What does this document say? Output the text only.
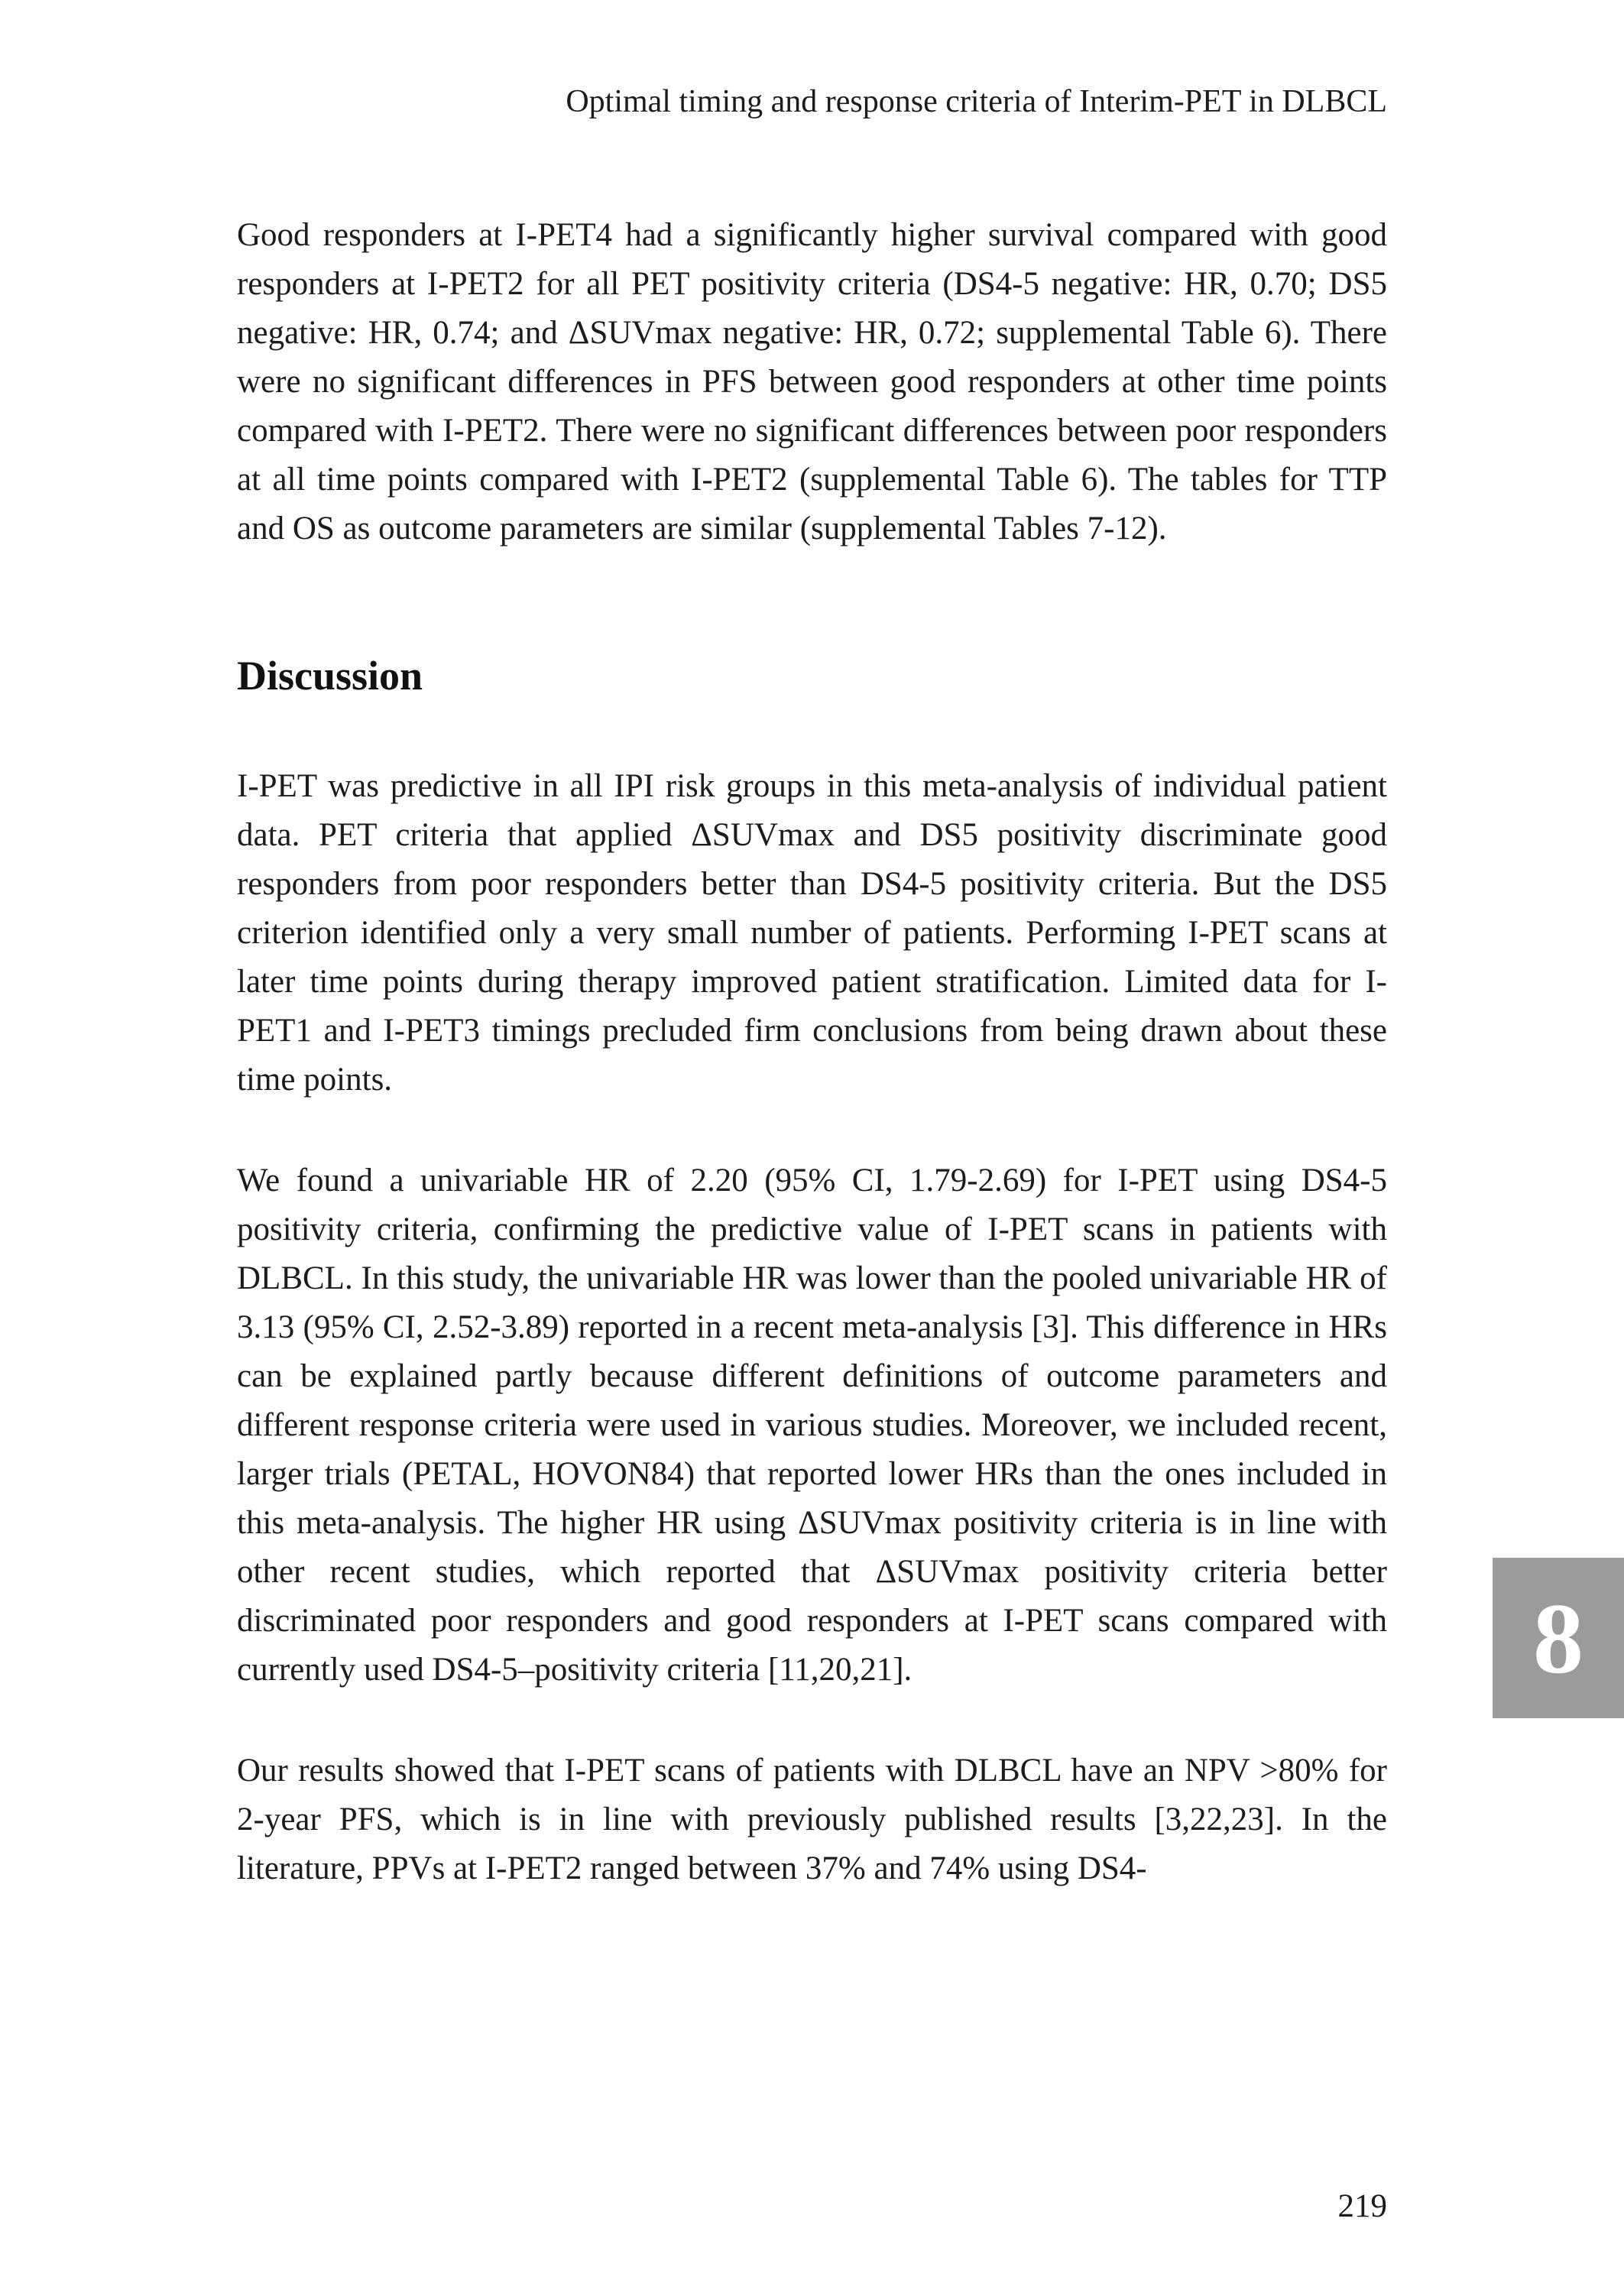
Optimal timing and response criteria of Interim-PET in DLBCL

Good responders at I-PET4 had a significantly higher survival compared with good responders at I-PET2 for all PET positivity criteria (DS4-5 negative: HR, 0.70; DS5 negative: HR, 0.74; and ΔSUVmax negative: HR, 0.72; supplemental Table 6). There were no significant differences in PFS between good responders at other time points compared with I-PET2. There were no significant differences between poor responders at all time points compared with I-PET2 (supplemental Table 6). The tables for TTP and OS as outcome parameters are similar (supplemental Tables 7-12).

Discussion

I-PET was predictive in all IPI risk groups in this meta-analysis of individual patient data. PET criteria that applied ΔSUVmax and DS5 positivity discriminate good responders from poor responders better than DS4-5 positivity criteria. But the DS5 criterion identified only a very small number of patients. Performing I-PET scans at later time points during therapy improved patient stratification. Limited data for I-PET1 and I-PET3 timings precluded firm conclusions from being drawn about these time points.

We found a univariable HR of 2.20 (95% CI, 1.79-2.69) for I-PET using DS4-5 positivity criteria, confirming the predictive value of I-PET scans in patients with DLBCL. In this study, the univariable HR was lower than the pooled univariable HR of 3.13 (95% CI, 2.52-3.89) reported in a recent meta-analysis [3]. This difference in HRs can be explained partly because different definitions of outcome parameters and different response criteria were used in various studies. Moreover, we included recent, larger trials (PETAL, HOVON84) that reported lower HRs than the ones included in this meta-analysis. The higher HR using ΔSUVmax positivity criteria is in line with other recent studies, which reported that ΔSUVmax positivity criteria better discriminated poor responders and good responders at I-PET scans compared with currently used DS4-5–positivity criteria [11,20,21].

Our results showed that I-PET scans of patients with DLBCL have an NPV >80% for 2-year PFS, which is in line with previously published results [3,22,23]. In the literature, PPVs at I-PET2 ranged between 37% and 74% using DS4-

8
219
